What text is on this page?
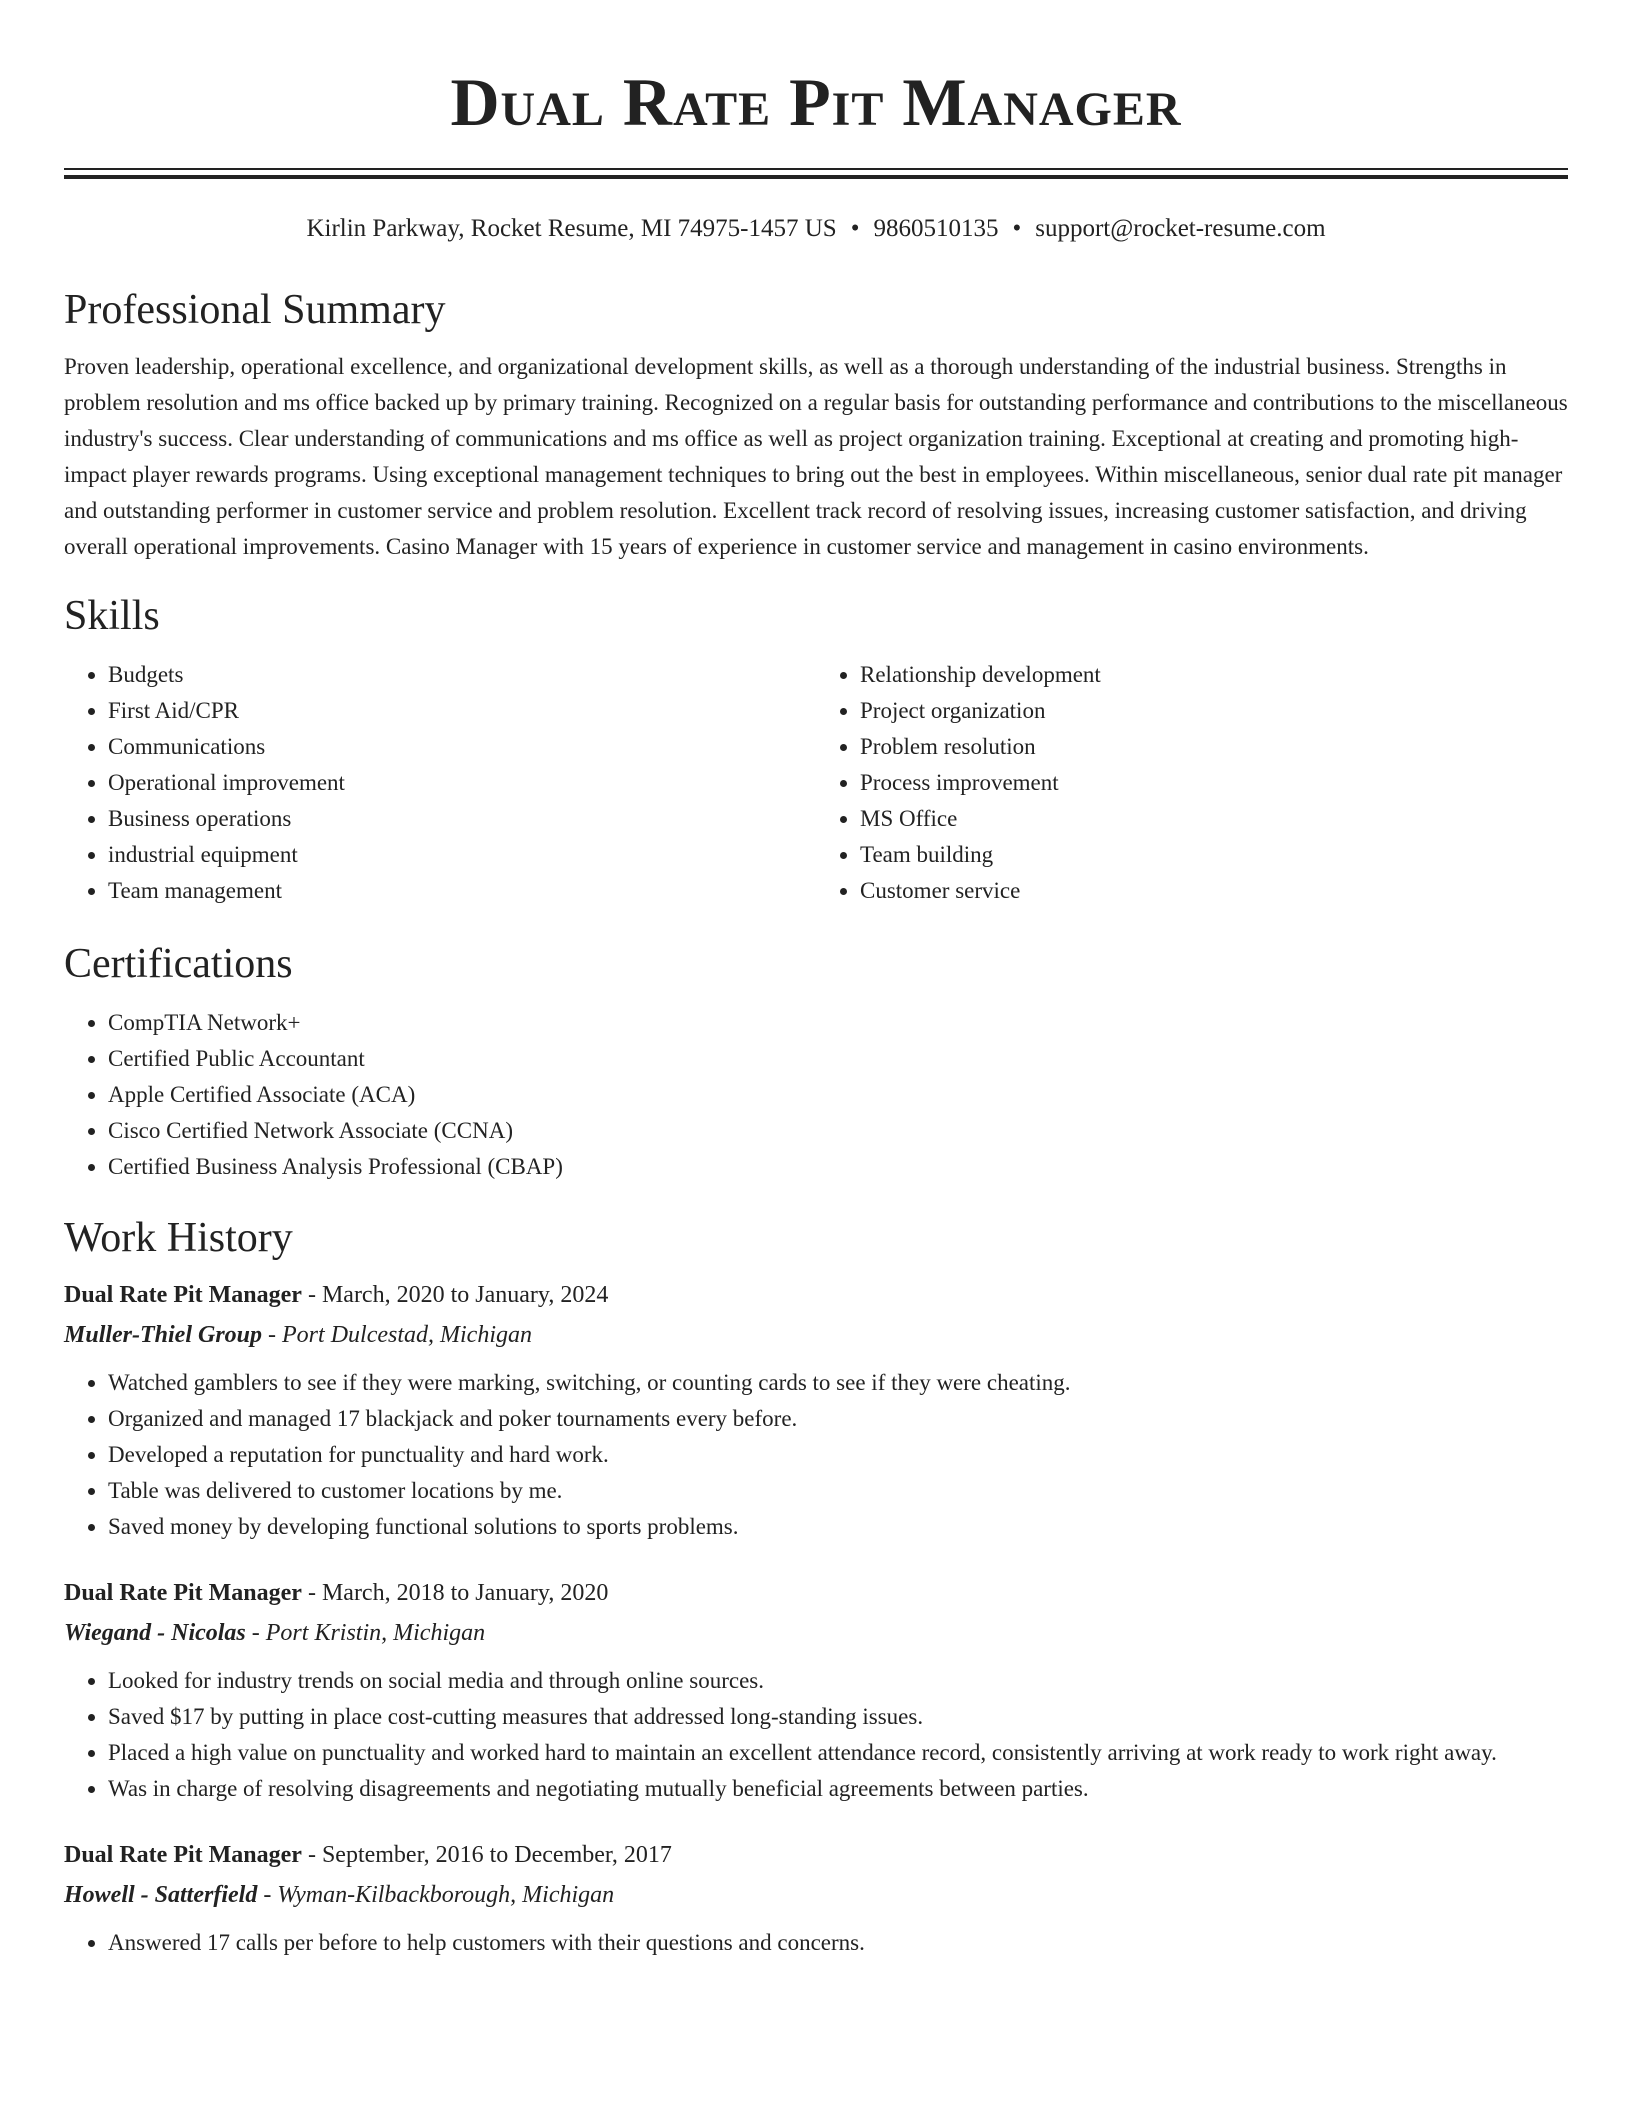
Dual Rate Pit Manager
Kirlin Parkway, Rocket Resume, MI 74975-1457 US • 9860510135 • support@rocket-resume.com
Professional Summary

Proven leadership, operational excellence, and organizational development skills, as well as a thorough understanding of the industrial business. Strengths in problem resolution and ms office backed up by primary training. Recognized on a regular basis for outstanding performance and contributions to the miscellaneous industry's success. Clear understanding of communications and ms office as well as project organization training. Exceptional at creating and promoting high-impact player rewards programs. Using exceptional management techniques to bring out the best in employees. Within miscellaneous, senior dual rate pit manager and outstanding performer in customer service and problem resolution. Excellent track record of resolving issues, increasing customer satisfaction, and driving overall operational improvements. Casino Manager with 15 years of experience in customer service and management in casino environments.

Skills
• Budgets
• First Aid/CPR
• Communications
• Operational improvement
• Business operations
• industrial equipment
• Team management
• Relationship development
• Project organization
• Problem resolution
• Process improvement
• MS Office
• Team building
• Customer service
Certifications
• CompTIA Network+
• Certified Public Accountant
• Apple Certified Associate (ACA)
• Cisco Certified Network Associate (CCNA)
• Certified Business Analysis Professional (CBAP)
Work History
Dual Rate Pit Manager - March, 2020 to January, 2024
Muller-Thiel Group - Port Dulcestad, Michigan
• Watched gamblers to see if they were marking, switching, or counting cards to see if they were cheating.
• Organized and managed 17 blackjack and poker tournaments every before.
• Developed a reputation for punctuality and hard work.
• Table was delivered to customer locations by me.
• Saved money by developing functional solutions to sports problems.
Dual Rate Pit Manager - March, 2018 to January, 2020
Wiegand - Nicolas - Port Kristin, Michigan
• Looked for industry trends on social media and through online sources.
• Saved $17 by putting in place cost-cutting measures that addressed long-standing issues.
• Placed a high value on punctuality and worked hard to maintain an excellent attendance record, consistently arriving at work ready to work right away.
• Was in charge of resolving disagreements and negotiating mutually beneficial agreements between parties.
Dual Rate Pit Manager - September, 2016 to December, 2017
Howell - Satterfield - Wyman-Kilbackborough, Michigan
• Answered 17 calls per before to help customers with their questions and concerns.
